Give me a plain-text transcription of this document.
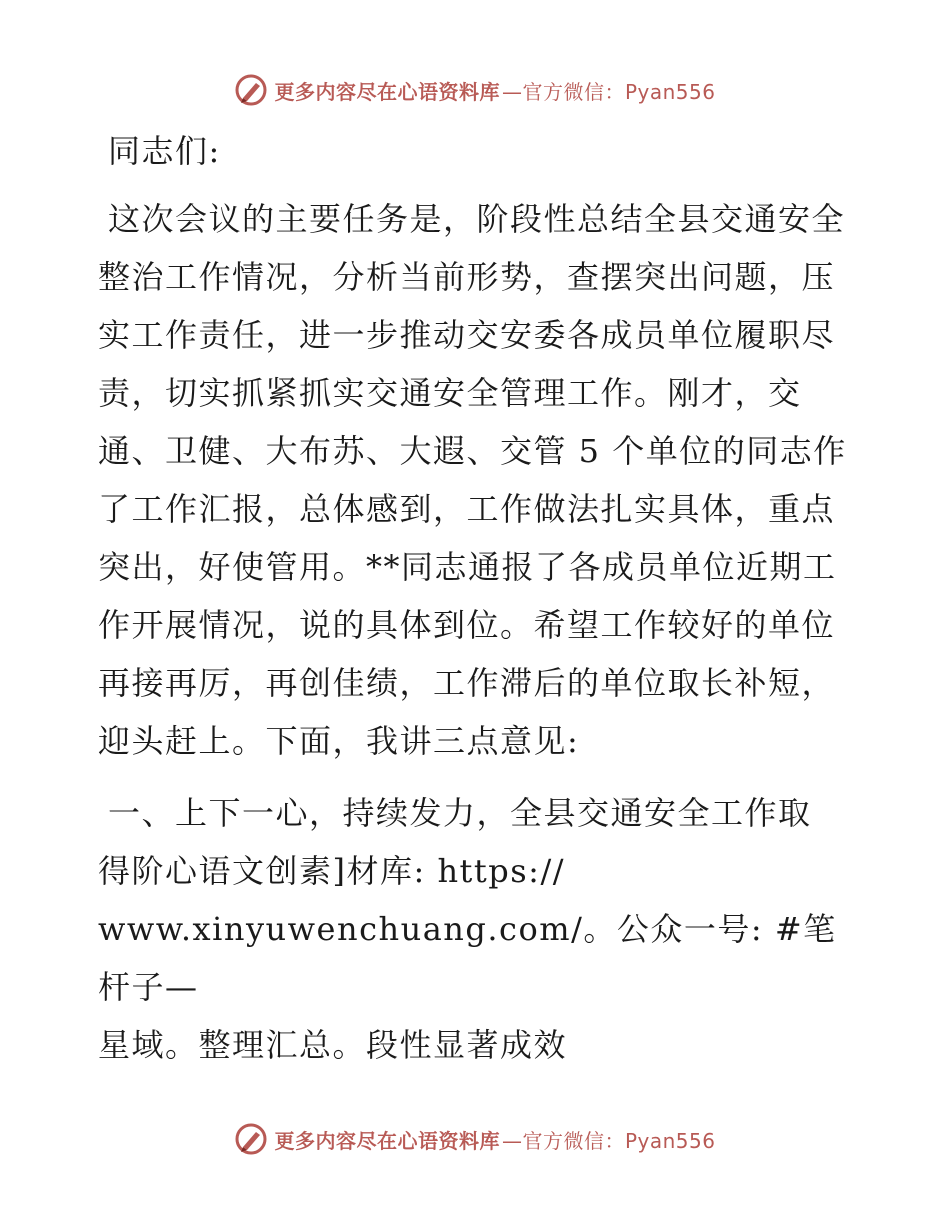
更多内容尽在心语资料库 —官方微信：Pyan556

同志们:

这次会议的主要任务是，阶段性总结全县交通安全整治工作情况，分析当前形势，查摆突出问题，压实工作责任，进一步推动交安委各成员单位履职尽责，切实抓紧抓实交通安全管理工作。刚才，交通、卫健、大布苏、大遐、交管 5 个单位的同志作了工作汇报，总体感到，工作做法扎实具体，重点突出，好使管用。**同志通报了各成员单位近期工作开展情况，说的具体到位。希望工作较好的单位再接再厉，再创佳绩，工作滞后的单位取长补短，迎头赶上。下面，我讲三点意见:

一、上下一心，持续发力，全县交通安全工作取
得阶心语文创素]材库: https://
www.xinyuwenchuang.com/。公众一号: #笔杆子—
星域。整理汇总。段性显著成效

更多内容尽在心语资料库 —官方微信：Pyan556
